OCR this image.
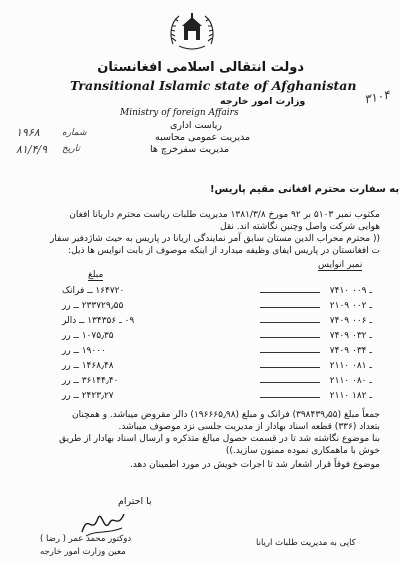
دولت انتقالی اسلامی افغانستان
Transitional Islamic state of Afghanistan
وزارت امور خارجه
Ministry of foreign Affairs
ریاست اداری
مدیریت عمومی محاسبه
مدیریت سفرخرچ ها
شماره
۱۹۶۸
تاریخ
۸۱/۴/۹
۳۱۰۴
به سفارت محترم افغانی مقیم پاریس!
مکتوب نمبر ۵۱۰۳ بر ۹۲ مورخ ۱۳۸۱/۳/۸ مدیریت طلبات ریاست محترم داریانا افغان
هوایی شرکت واصل وچنین نگاشته اند. نقل
(( محترم محراب الدین مستان سابق آمر نمایندگی اریانا در پاریس به حیث شاژدفیر سفار
ت افغانستان در پاریس ایفای وظیفه میدارد از اینکه موصوف از بابت انوایس ها ذیل:
نمبر انوایس
مبلغ
۷۴۱۰ ـ ۰۰۹
۱۶۴۷۲۰ ــ فرانک
۲۱۰۹ ـ ۰۰۲
۲۳۳۷۲۹٫۵۵ ــ رر
۷۴۰۹ ـ ۰۰۶
۰۹ ـ ۱۳۴۳۵۶ ــ دالر
۷۴۰۹ ـ ۰۳۲
۱۰۷۵٫۳۵ ــ رر
۷۴۰۹ ـ ۰۳۴
۱۹۰۰۰ ــ رر
۲۱۱۰ ـ ۰۸۱
۱۴۶۸٫۴۸ ــ رر
۲۱۱۰ ـ ۰۸۰
۳۶۱۴۴٫۴۰ ــ رر
۲۱۱۰ ـ ۱۸۲
۲۴۲۳٫۲۷ ــ رر
جمعاً مبلغ (۳۹۸۴۳۹٫۵۵) فرانک و مبلغ (۱۹۶۶۶۵٫۹۸) دالر مقروض میباشد. و همچنان
بتعداد (۳۳۶) قطعه اسناد بهادار از مدیریت جلسی نزد موصوف میباشد.
بنا موضوع نگاشته شد تا در قسمت حصول مبالغ متذکره و ارسال اسناد بهادار از طریق
خوش با ماهمکاری نموده ممنون سازید.))
موضوع فوقاً قرار اشعار شد تا اجرات خویش در مورد اطمینان دهد.
با احترام
دوکتور محمد عمر ( رضا )
معین وزارت امور خارجه
کاپی به مدیریت طلبات اریانا
